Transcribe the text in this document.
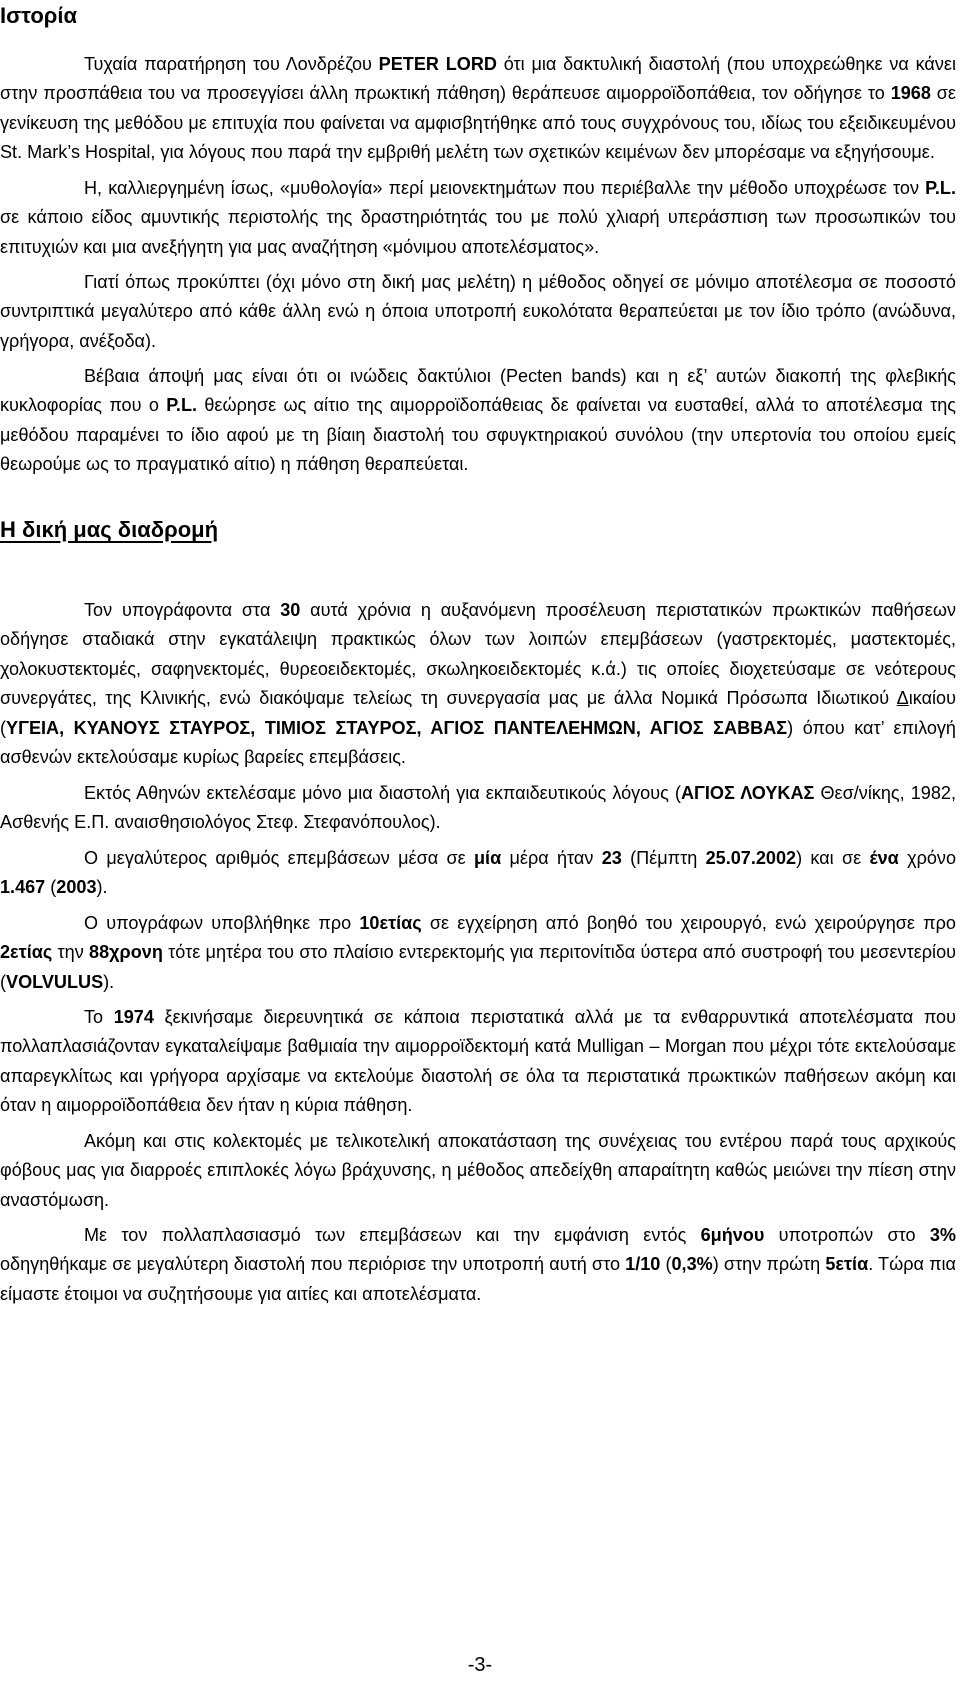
Ιστορία

Τυχαία παρατήρηση του Λονδρέζου PETER LORD ότι μια δακτυλική διαστολή (που υποχρεώθηκε να κάνει στην προσπάθεια του να προσεγγίσει άλλη πρωκτική πάθηση) θεράπευσε αιμορροϊδοπάθεια, τον οδήγησε το 1968 σε γενίκευση της μεθόδου με επιτυχία που φαίνεται να αμφισβητήθηκε από τους συγχρόνους του, ιδίως του εξειδικευμένου St. Mark’s Hospital, για λόγους που παρά την εμβριθή μελέτη των σχετικών κειμένων δεν μπορέσαμε να εξηγήσουμε.

Η, καλλιεργημένη ίσως, «μυθολογία» περί μειονεκτημάτων που περιέβαλλε την μέθοδο υποχρέωσε τον P.L. σε κάποιο είδος αμυντικής περιστολής της δραστηριότητάς του με πολύ χλιαρή υπεράσπιση των προσωπικών του επιτυχιών και μια ανεξήγητη για μας αναζήτηση «μόνιμου αποτελέσματος».

Γιατί όπως προκύπτει (όχι μόνο στη δική μας μελέτη) η μέθοδος οδηγεί σε μόνιμο αποτέλεσμα σε ποσοστό συντριπτικά μεγαλύτερο από κάθε άλλη ενώ η όποια υποτροπή ευκολότατα θεραπεύεται με τον ίδιο τρόπο (ανώδυνα, γρήγορα, ανέξοδα).

Βέβαια άποψή μας είναι ότι οι ινώδεις δακτύλιοι (Pecten bands) και η εξ’ αυτών διακοπή της φλεβικής κυκλοφορίας που ο P.L. θεώρησε ως αίτιο της αιμορροϊδοπάθειας δε φαίνεται να ευσταθεί, αλλά το αποτέλεσμα της μεθόδου παραμένει το ίδιο αφού με τη βίαιη διαστολή του σφυγκτηριακού συνόλου (την υπερτονία του οποίου εμείς θεωρούμε ως το πραγματικό αίτιο) η πάθηση θεραπεύεται.

Η δική μας διαδρομή

Τον υπογράφοντα στα 30 αυτά χρόνια η αυξανόμενη προσέλευση περιστατικών πρωκτικών παθήσεων οδήγησε σταδιακά στην εγκατάλειψη πρακτικώς όλων των λοιπών επεμβάσεων (γαστρεκτομές, μαστεκτομές, χολοκυστεκτομές, σαφηνεκτομές, θυρεοειδεκτομές, σκωληκοειδεκτομές κ.ά.) τις οποίες διοχετεύσαμε σε νεότερους συνεργάτες, της Κλινικής, ενώ διακόψαμε τελείως τη συνεργασία μας με άλλα Νομικά Πρόσωπα Ιδιωτικού Δικαίου (ΥΓΕΙΑ, ΚΥΑΝΟΥΣ ΣΤΑΥΡΟΣ, ΤΙΜΙΟΣ ΣΤΑΥΡΟΣ, ΑΓΙΟΣ ΠΑΝΤΕΛΕΗΜΩΝ, ΑΓΙΟΣ ΣΑΒΒΑΣ) όπου κατ’ επιλογή ασθενών εκτελούσαμε κυρίως βαρείες επεμβάσεις.

Εκτός Αθηνών εκτελέσαμε μόνο μια διαστολή για εκπαιδευτικούς λόγους (ΑΓΙΟΣ ΛΟΥΚΑΣ Θεσ/νίκης, 1982, Ασθενής Ε.Π. αναισθησιολόγος Στεφ. Στεφανόπουλος).

Ο μεγαλύτερος αριθμός επεμβάσεων μέσα σε μία μέρα ήταν 23 (Πέμπτη 25.07.2002) και σε ένα χρόνο 1.467 (2003).

Ο υπογράφων υποβλήθηκε προ 10ετίας σε εγχείρηση από βοηθό του χειρουργό, ενώ χειρούργησε προ 2ετίας την 88χρονη τότε μητέρα του στο πλαίσιο εντερεκτομής για περιτονίτιδα ύστερα από συστροφή του μεσεντερίου (VOLVULUS).

Το 1974 ξεκινήσαμε διερευνητικά σε κάποια περιστατικά αλλά με τα ενθαρρυντικά αποτελέσματα που πολλαπλασιάζονταν εγκαταλείψαμε βαθμιαία την αιμορροϊδεκτομή κατά Mulligan – Morgan που μέχρι τότε εκτελούσαμε απαρεγκλίτως και γρήγορα αρχίσαμε να εκτελούμε διαστολή σε όλα τα περιστατικά πρωκτικών παθήσεων ακόμη και όταν η αιμορροϊδοπάθεια δεν ήταν η κύρια πάθηση.

Ακόμη και στις κολεκτομές με τελικοτελική αποκατάσταση της συνέχειας του εντέρου παρά τους αρχικούς φόβους μας για διαρροές επιπλοκές λόγω βράχυνσης, η μέθοδος απεδείχθη απαραίτητη καθώς μειώνει την πίεση στην αναστόμωση.

Με τον πολλαπλασιασμό των επεμβάσεων και την εμφάνιση εντός 6μήνου υποτροπών στο 3% οδηγηθήκαμε σε μεγαλύτερη διαστολή που περιόρισε την υποτροπή αυτή στο 1/10 (0,3%) στην πρώτη 5ετία. Τώρα πια είμαστε έτοιμοι να συζητήσουμε για αιτίες και αποτελέσματα.

-3-
